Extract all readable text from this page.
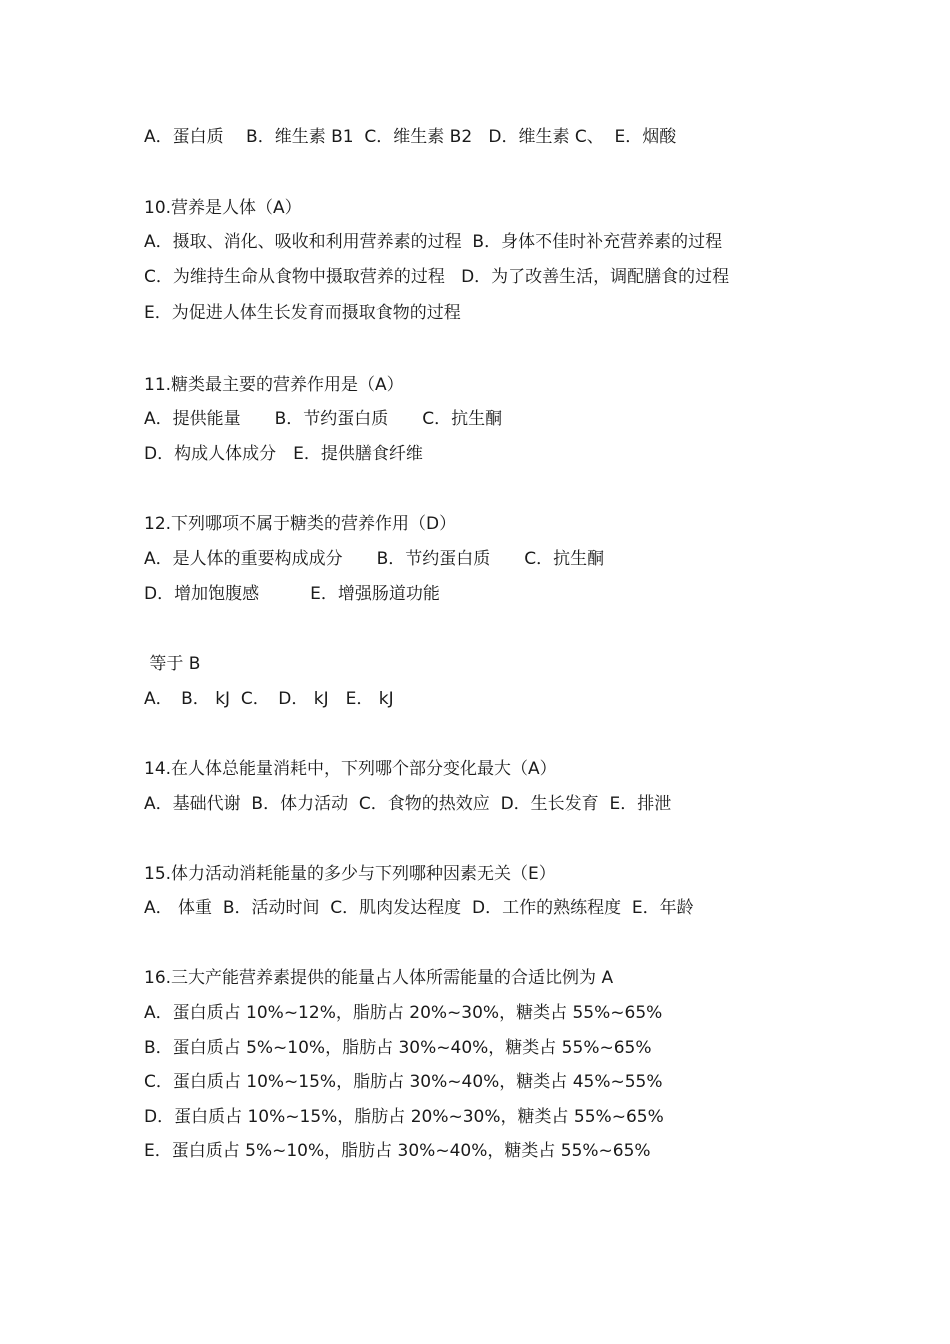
A．蛋白质　 B．维生素 B1  C．维生素 B2   D．维生素 C、  E．烟酸
10.营养是人体（A）
A．摄取、消化、吸收和利用营养素的过程  B．身体不佳时补充营养素的过程
C．为维持生命从食物中摄取营养的过程   D．为了改善生活，调配膳食的过程
E．为促进人体生长发育而摄取食物的过程
11.糖类最主要的营养作用是（A）
A．提供能量　　B．节约蛋白质　　C．抗生酮
D．构成人体成分　E．提供膳食纤维
12.下列哪项不属于糖类的营养作用（D）
A．是人体的重要构成成分　　B．节约蛋白质　　C．抗生酮
D．增加饱腹感　　　E．增强肠道功能
等于 B
A．　B． kJ  C．　D． kJ　E． kJ
14.在人体总能量消耗中，下列哪个部分变化最大（A）
A．基础代谢  B．体力活动  C．食物的热效应  D．生长发育  E．排泄
15.体力活动消耗能量的多少与下列哪种因素无关（E）
A． 体重  B．活动时间  C．肌肉发达程度  D．工作的熟练程度  E．年龄
16.三大产能营养素提供的能量占人体所需能量的合适比例为 A
A．蛋白质占 10%~12%，脂肪占 20%~30%，糖类占 55%~65%
B．蛋白质占 5%~10%，脂肪占 30%~40%，糖类占 55%~65%
C．蛋白质占 10%~15%，脂肪占 30%~40%，糖类占 45%~55%
D．蛋白质占 10%~15%，脂肪占 20%~30%，糖类占 55%~65%
E．蛋白质占 5%~10%，脂肪占 30%~40%，糖类占 55%~65%
